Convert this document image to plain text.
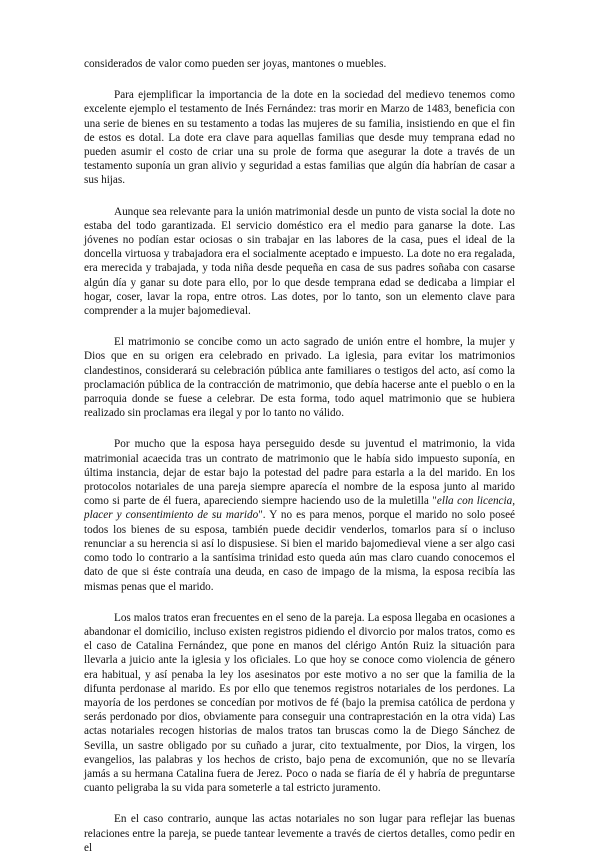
considerados de valor como pueden ser joyas, mantones o muebles.

Para ejemplificar la importancia de la dote en la sociedad del medievo tenemos como excelente ejemplo el testamento de Inés Fernández: tras morir en Marzo de 1483, beneficia con una serie de bienes en su testamento a todas las mujeres de su familia, insistiendo en que el fin de estos es dotal. La dote era clave para aquellas familias que desde muy temprana edad no pueden asumir el costo de criar una su prole de forma que asegurar la dote a través de un testamento suponía un gran alivio y seguridad a estas familias que algún día habrían de casar a sus hijas.

Aunque sea relevante para la unión matrimonial desde un punto de vista social la dote no estaba del todo garantizada. El servicio doméstico era el medio para ganarse la dote. Las jóvenes no podían estar ociosas o sin trabajar en las labores de la casa, pues el ideal de la doncella virtuosa y trabajadora era el socialmente aceptado e impuesto. La dote no era regalada, era merecida y trabajada, y toda niña desde pequeña en casa de sus padres soñaba con casarse algún día y ganar su dote para ello, por lo que desde temprana edad se dedicaba a limpiar el hogar, coser, lavar la ropa, entre otros. Las dotes, por lo tanto, son un elemento clave para comprender a la mujer bajomedieval.

El matrimonio se concibe como un acto sagrado de unión entre el hombre, la mujer y Dios que en su origen era celebrado en privado. La iglesia, para evitar los matrimonios clandestinos, considerará su celebración pública ante familiares o testigos del acto, así como la proclamación pública de la contracción de matrimonio, que debía hacerse ante el pueblo o en la parroquia donde se fuese a celebrar. De esta forma, todo aquel matrimonio que se hubiera realizado sin proclamas era ilegal y por lo tanto no válido.

Por mucho que la esposa haya perseguido desde su juventud el matrimonio, la vida matrimonial acaecida tras un contrato de matrimonio que le había sido impuesto suponía, en última instancia, dejar de estar bajo la potestad del padre para estarla a la del marido. En los protocolos notariales de una pareja siempre aparecía el nombre de la esposa junto al marido como si parte de él fuera, apareciendo siempre haciendo uso de la muletilla "ella con licencia, placer y consentimiento de su marido". Y no es para menos, porque el marido no solo poseé todos los bienes de su esposa, también puede decidir venderlos, tomarlos para sí o incluso renunciar a su herencia si así lo dispusiese. Si bien el marido bajomedieval viene a ser algo casi como todo lo contrario a la santísima trinidad esto queda aún mas claro cuando conocemos el dato de que si éste contraía una deuda, en caso de impago de la misma, la esposa recibía las mismas penas que el marido.

Los malos tratos eran frecuentes en el seno de la pareja. La esposa llegaba en ocasiones a abandonar el domicilio, incluso existen registros pidiendo el divorcio por malos tratos, como es el caso de Catalina Fernández, que pone en manos del clérigo Antón Ruiz la situación para llevarla a juicio ante la iglesia y los oficiales. Lo que hoy se conoce como violencia de género era habitual, y así penaba la ley los asesinatos por este motivo a no ser que la familia de la difunta perdonase al marido. Es por ello que tenemos registros notariales de los perdones. La mayoría de los perdones se concedían por motivos de fé (bajo la premisa católica de perdona y serás perdonado por dios, obviamente para conseguir una contraprestación en la otra vida) Las actas notariales recogen historias de malos tratos tan bruscas como la de Diego Sánchez de Sevilla, un sastre obligado por su cuñado a jurar, cito textualmente, por Dios, la virgen, los evangelios, las palabras y los hechos de cristo, bajo pena de excomunión, que no se llevaría jamás a su hermana Catalina fuera de Jerez. Poco o nada se fiaría de él y habría de preguntarse cuanto peligraba la su vida para someterle a tal estricto juramento.

En el caso contrario, aunque las actas notariales no son lugar para reflejar las buenas relaciones entre la pareja, se puede tantear levemente a través de ciertos detalles, como pedir en el
